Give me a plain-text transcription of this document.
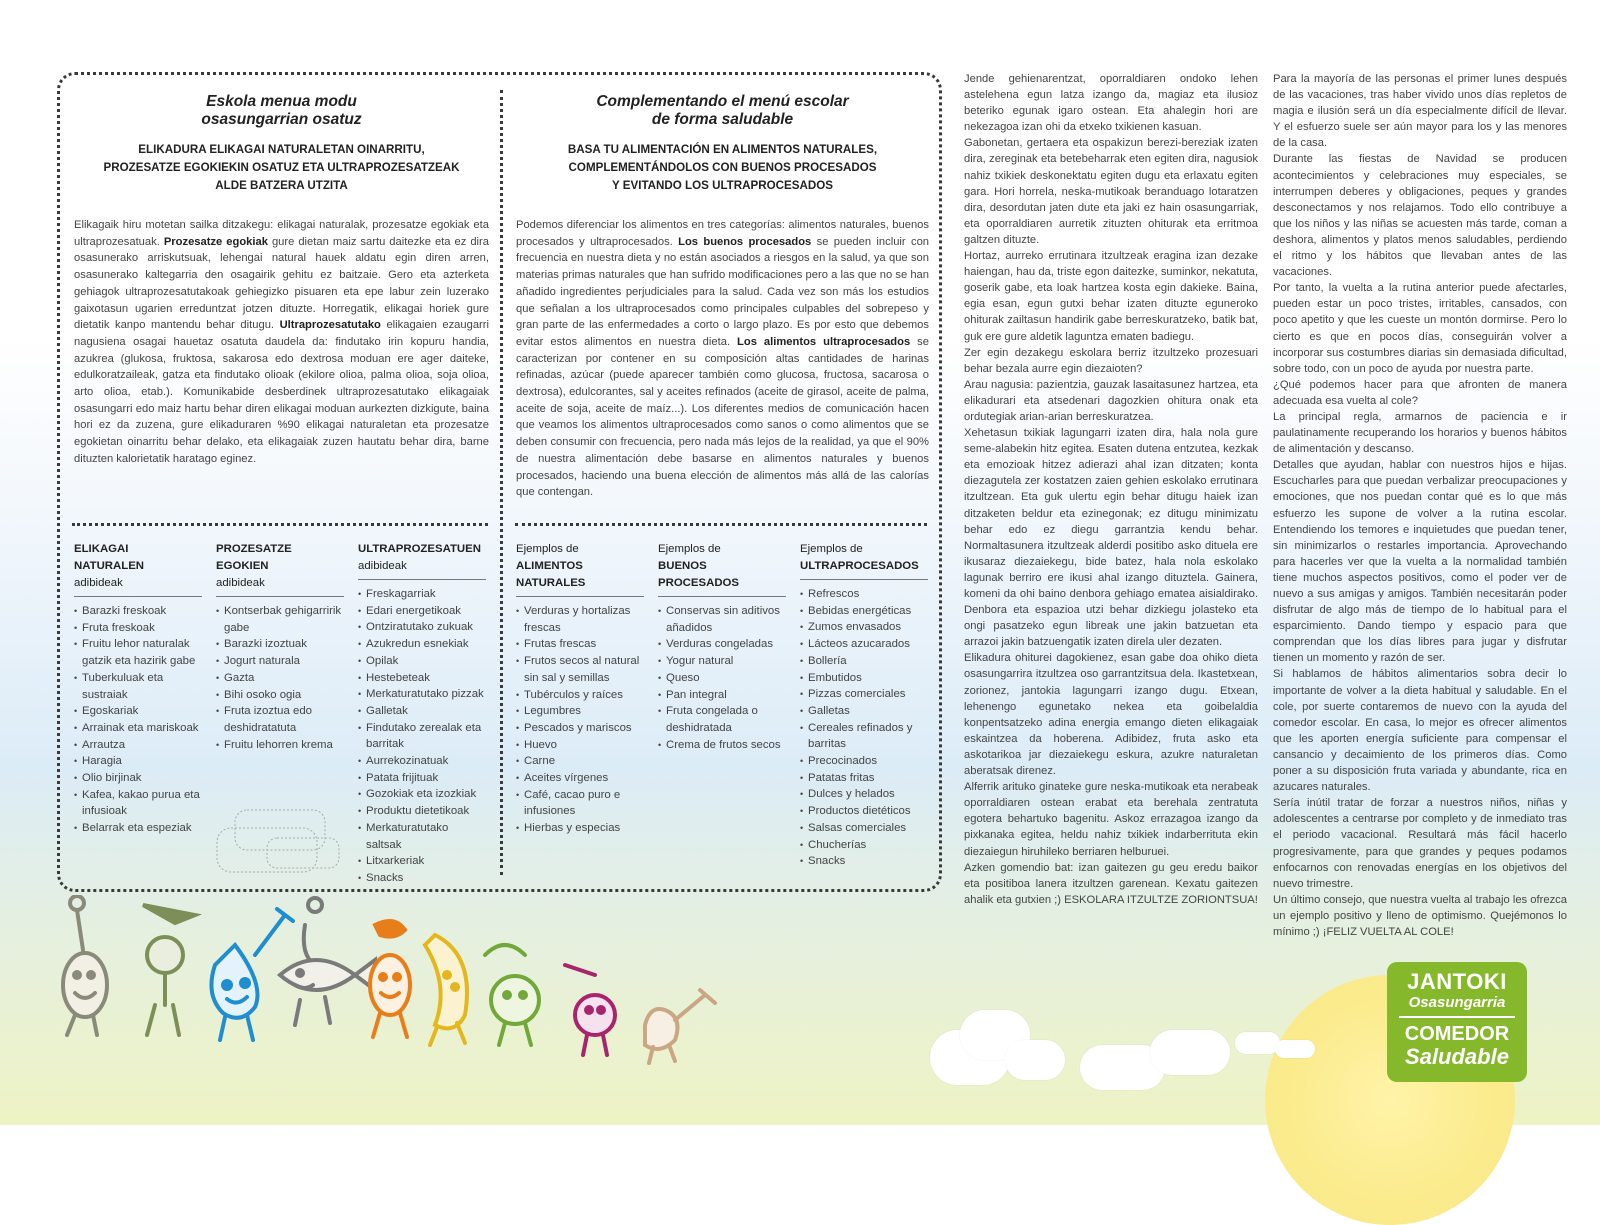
Eskola menua modu
osasungarrian osatuz

ELIKADURA ELIKAGAI NATURALETAN OINARRITU,
PROZESATZE EGOKIEKIN OSATUZ ETA ULTRAPROZESATZEAK
ALDE BATZERA UTZITA

Elikagaik hiru motetan sailka ditzakegu: elikagai naturalak, prozesatze egokiak eta ultraprozesatuak. Prozesatze egokiak gure dietan maiz sartu daitezke eta ez dira osasunerako arriskutsuak, lehengai natural hauek aldatu egin diren arren, osasunerako kaltegarria den osagairik gehitu ez baitzaie. Gero eta azterketa gehiagok ultraprozesatutakoak gehiegizko pisuaren eta epe labur zein luzerako gaixotasun ugarien erreduntzat jotzen dituzte. Horregatik, elikagai horiek gure dietatik kanpo mantendu behar ditugu. Ultraprozesatutako elikagaien ezaugarri nagusiena osagai hauetaz osatuta daudela da: findutako irin kopuru handia, azukrea (glukosa, fruktosa, sakarosa edo dextrosa moduan ere ager daiteke, edulkoratzaileak, gatza eta findutako olioak (ekilore olioa, palma olioa, soja olioa, arto olioa, etab.). Komunikabide desberdinek ultraprozesatutako elikagaiak osasungarri edo maiz hartu behar diren elikagai moduan aurkezten dizkigute, baina hori ez da zuzena, gure elikaduraren %90 elikagai naturaletan eta prozesatze egokietan oinarritu behar delako, eta elikagaiak zuzen hautatu behar dira, barne dituzten kalorietatik haratago eginez.

Complementando el menú escolar
de forma saludable

BASA TU ALIMENTACIÓN EN ALIMENTOS NATURALES,
COMPLEMENTÁNDOLOS CON BUENOS PROCESADOS
Y EVITANDO LOS ULTRAPROCESADOS

Podemos diferenciar los alimentos en tres categorías: alimentos naturales, buenos procesados y ultraprocesados. Los buenos procesados se pueden incluir con frecuencia en nuestra dieta y no están asociados a riesgos en la salud, ya que son materias primas naturales que han sufrido modificaciones pero a las que no se han añadido ingredientes perjudiciales para la salud. Cada vez son más los estudios que señalan a los ultraprocesados como principales culpables del sobrepeso y gran parte de las enfermedades a corto o largo plazo. Es por esto que debemos evitar estos alimentos en nuestra dieta. Los alimentos ultraprocesados se caracterizan por contener en su composición altas cantidades de harinas refinadas, azúcar (puede aparecer también como glucosa, fructosa, sacarosa o dextrosa), edulcorantes, sal y aceites refinados (aceite de girasol, aceite de palma, aceite de soja, aceite de maíz...). Los diferentes medios de comunicación hacen que veamos los alimentos ultraprocesados como sanos o como alimentos que se deben consumir con frecuencia, pero nada más lejos de la realidad, ya que el 90% de nuestra alimentación debe basarse en alimentos naturales y buenos procesados, haciendo una buena elección de alimentos más allá de las calorías que contengan.

ELIKAGAI
NATURALEN
adibideak
• Barazki freskoak
• Fruta freskoak
• Fruitu lehor naturalak gatzik eta hazirik gabe
• Tuberkuluak eta sustraiak
• Egoskariak
• Arrainak eta mariskoak
• Arrautza
• Haragia
• Olio birjinak
• Kafea, kakao purua eta infusioak
• Belarrak eta espeziak
PROZESATZE
EGOKIEN
adibideak
• Kontserbak gehigarririk gabe
• Barazki izoztuak
• Jogurt naturala
• Gazta
• Bihi osoko ogia
• Fruta izoztua edo deshidratatuta
• Fruitu lehorren krema
ULTRAPROZESATUEN
adibideak
• Freskagarriak
• Edari energetikoak
• Ontziratutako zukuak
• Azukredun esnekiak
• Opilak
• Hestebeteak
• Merkaturatutako pizzak
• Galletak
• Findutako zerealak eta barritak
• Aurrekozinatuak
• Patata frijituak
• Gozokiak eta izozkiak
• Produktu dietetikoak
• Merkaturatutako saltsak
• Litxarkeriak
• Snacks
Ejemplos de
ALIMENTOS
NATURALES
• Verduras y hortalizas frescas
• Frutas frescas
• Frutos secos al natural sin sal y semillas
• Tubérculos y raíces
• Legumbres
• Pescados y mariscos
• Huevo
• Carne
• Aceites vírgenes
• Café, cacao puro e infusiones
• Hierbas y especias
Ejemplos de
BUENOS
PROCESADOS
• Conservas sin aditivos añadidos
• Verduras congeladas
• Yogur natural
• Queso
• Pan integral
• Fruta congelada o deshidratada
• Crema de frutos secos
Ejemplos de
ULTRAPROCESADOS
• Refrescos
• Bebidas energéticas
• Zumos envasados
• Lácteos azucarados
• Bollería
• Embutidos
• Pizzas comerciales
• Galletas
• Cereales refinados y barritas
• Precocinados
• Patatas fritas
• Dulces y helados
• Productos dietéticos
• Salsas comerciales
• Chucherías
• Snacks

Jende gehienarentzat, oporraldiaren ondoko lehen astelehena egun latza izango da, magiaz eta ilusioz beteriko egunak igaro ostean. Eta ahalegin hori are nekezagoa izan ohi da etxeko txikienen kasuan.

Gabonetan, gertaera eta ospakizun berezi-bereziak izaten dira, zereginak eta betebeharrak eten egiten dira, nagusiok nahiz txikiek deskonektatu egiten dugu eta erlaxatu egiten gara. Hori horrela, neska-mutikoak beranduago lotaratzen dira, desordutan jaten dute eta jaki ez hain osasungarriak, eta oporraldiaren aurretik zituzten ohiturak eta erritmoa galtzen dituzte.

Hortaz, aurreko errutinara itzultzeak eragina izan dezake haiengan, hau da, triste egon daitezke, suminkor, nekatuta, goserik gabe, eta loak hartzea kosta egin dakieke. Baina, egia esan, egun gutxi behar izaten dituzte eguneroko ohiturak zailtasun handirik gabe berreskuratzeko, batik bat, guk ere gure aldetik laguntza ematen badiegu.

Zer egin dezakegu eskolara berriz itzultzeko prozesuari behar bezala aurre egin diezaioten?

Arau nagusia: pazientzia, gauzak lasaitasunez hartzea, eta elikadurari eta atsedenari dagozkien ohitura onak eta ordutegiak arian-arian berreskuratzea.

Xehetasun txikiak lagungarri izaten dira, hala nola gure seme-alabekin hitz egitea. Esaten dutena entzutea, kezkak eta emozioak hitzez adierazi ahal izan ditzaten; konta diezagutela zer kostatzen zaien gehien eskolako errutinara itzultzean. Eta guk ulertu egin behar ditugu haiek izan ditzaketen beldur eta ezinegonak; ez ditugu minimizatu behar edo ez diegu garrantzia kendu behar. Normaltasunera itzultzeak alderdi positibo asko dituela ere ikusaraz diezaiekegu, bide batez, hala nola eskolako lagunak berriro ere ikusi ahal izango dituztela. Gainera, komeni da ohi baino denbora gehiago ematea aisialdirako. Denbora eta espazioa utzi behar dizkiegu jolasteko eta ongi pasatzeko egun libreak une jakin batzuetan eta arrazoi jakin batzuengatik izaten direla uler dezaten.

Elikadura ohiturei dagokienez, esan gabe doa ohiko dieta osasungarrira itzultzea oso garrantzitsua dela. Ikastetxean, zorionez, jantokia lagungarri izango dugu. Etxean, lehenengo egunetako nekea eta goibelaldia konpentsatzeko adina energia emango dieten elikagaiak eskaintzea da hoberena. Adibidez, fruta asko eta askotarikoa jar diezaiekegu eskura, azukre naturaletan aberatsak direnez.

Alferrik arituko ginateke gure neska-mutikoak eta nerabeak oporraldiaren ostean erabat eta berehala zentratuta egotera behartuko bagenitu. Askoz errazagoa izango da pixkanaka egitea, heldu nahiz txikiek indarberrituta ekin diezaiegun hiruhileko berriaren helburuei.

Azken gomendio bat: izan gaitezen gu geu eredu baikor eta positiboa lanera itzultzen garenean. Kexatu gaitezen ahalik eta gutxien ;) ESKOLARA ITZULTZE ZORIONTSUA!

Para la mayoría de las personas el primer lunes después de las vacaciones, tras haber vivido unos días repletos de magia e ilusión será un día especialmente difícil de llevar. Y el esfuerzo suele ser aún mayor para los y las menores de la casa.

Durante las fiestas de Navidad se producen acontecimientos y celebraciones muy especiales, se interrumpen deberes y obligaciones, peques y grandes desconectamos y nos relajamos. Todo ello contribuye a que los niños y las niñas se acuesten más tarde, coman a deshora, alimentos y platos menos saludables, perdiendo el ritmo y los hábitos que llevaban antes de las vacaciones.

Por tanto, la vuelta a la rutina anterior puede afectarles, pueden estar un poco tristes, irritables, cansados, con poco apetito y que les cueste un montón dormirse. Pero lo cierto es que en pocos días, conseguirán volver a incorporar sus costumbres diarias sin demasiada dificultad, sobre todo, con un poco de ayuda por nuestra parte.

¿Qué podemos hacer para que afronten de manera adecuada esa vuelta al cole?

La principal regla, armarnos de paciencia e ir paulatinamente recuperando los horarios y buenos hábitos de alimentación y descanso.

Detalles que ayudan, hablar con nuestros hijos e hijas. Escucharles para que puedan verbalizar preocupaciones y emociones, que nos puedan contar qué es lo que más esfuerzo les supone de volver a la rutina escolar. Entendiendo los temores e inquietudes que puedan tener, sin minimizarlos o restarles importancia. Aprovechando para hacerles ver que la vuelta a la normalidad también tiene muchos aspectos positivos, como el poder ver de nuevo a sus amigas y amigos. También necesitarán poder disfrutar de algo más de tiempo de lo habitual para el esparcimiento. Dando tiempo y espacio para que comprendan que los días libres para jugar y disfrutar tienen un momento y razón de ser.

Si hablamos de hábitos alimentarios sobra decir lo importante de volver a la dieta habitual y saludable. En el cole, por suerte contaremos de nuevo con la ayuda del comedor escolar. En casa, lo mejor es ofrecer alimentos que les aporten energía suficiente para compensar el cansancio y decaimiento de los primeros días. Como poner a su disposición fruta variada y abundante, rica en azucares naturales.

Sería inútil tratar de forzar a nuestros niños, niñas y adolescentes a centrarse por completo y de inmediato tras el periodo vacacional. Resultará más fácil hacerlo progresivamente, para que grandes y peques podamos enfocarnos con renovadas energías en los objetivos del nuevo trimestre.

Un último consejo, que nuestra vuelta al trabajo les ofrezca un ejemplo positivo y lleno de optimismo. Quejémonos lo mínimo ;) ¡FELIZ VUELTA AL COLE!

JANTOKI
Osasungarria
COMEDOR
Saludable
